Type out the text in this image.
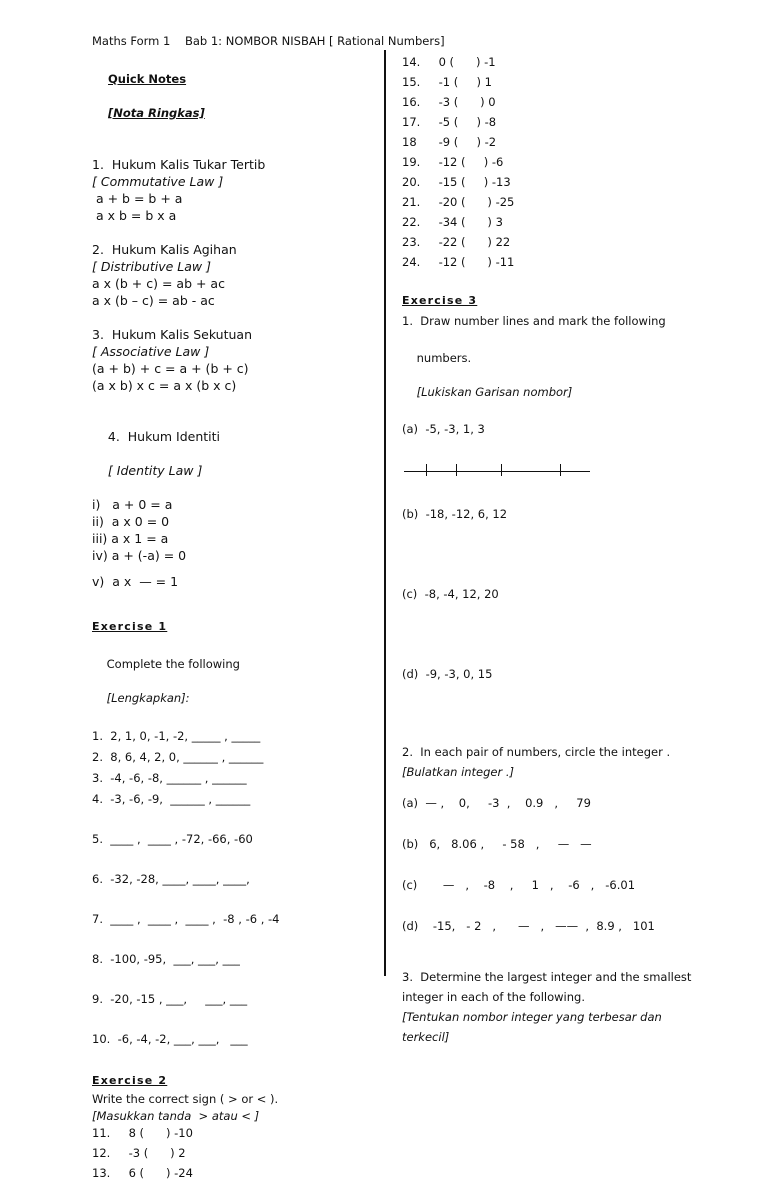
Maths Form 1    Bab 1: NOMBOR NISBAH [ Rational Numbers]

Quick Notes

[Nota Ringkas]

1.  Hukum Kalis Tukar Tertib
[ Commutative Law ]
a + b = b + a
a x b = b x a
2.  Hukum Kalis Agihan
[ Distributive Law ]
a x (b + c) = ab + ac
a x (b – c) = ab - ac
3.  Hukum Kalis Sekutuan
[ Associative Law ]
(a + b) + c = a + (b + c)
(a x b) x c = a x (b x c)

4.  Hukum Identiti

[ Identity Law ]

i)   a + 0 = a
ii)  a x 0 = 0
iii) a x 1 = a
iv) a + (-a) = 0
v)  a x  — = 1
Exercise 1

Complete the following

[Lengkapkan]:

1.  2, 1, 0, -1, -2, _____ , _____
2.  8, 6, 4, 2, 0, ______ , ______
3.  -4, -6, -8, ______ , ______
4.  -3, -6, -9,  ______ , ______
5.  ____ ,  ____ , -72, -66, -60
6.  -32, -28, ____, ____, ____,
7.  ____ ,  ____ ,  ____ ,  -8 , -6 , -4
8.  -100, -95,  ___, ___, ___
9.  -20, -15 , ___,     ___, ___
10.  -6, -4, -2, ___, ___,   ___
Exercise 2
Write the correct sign ( > or < ).
[Masukkan tanda  > atau < ]
11.     8 (      ) -10
12.     -3 (      ) 2
13.     6 (      ) -24
14.     0 (      ) -1
15.     -1 (     ) 1
16.     -3 (      ) 0
17.     -5 (     ) -8
18      -9 (     ) -2
19.     -12 (     ) -6
20.     -15 (     ) -13
21.     -20 (      ) -25
22.     -34 (      ) 3
23.     -22 (      ) 22
24.     -12 (      ) -11
Exercise 3
1.  Draw number lines and mark the following

numbers.

[Lukiskan Garisan nombor]

(a)  -5, -3, 1, 3
(b)  -18, -12, 6, 12
(c)  -8, -4, 12, 20
(d)  -9, -3, 0, 15
2.  In each pair of numbers, circle the integer .
[Bulatkan integer .]
(a)  — ,    0,     -3  ,    0.9   ,     79
(b)   6,   8.06 ,     - 58   ,     —   —
(c)       —   ,    -8    ,     1   ,    -6   ,   -6.01
(d)    -15,   - 2   ,      —   ,   ——  ,  8.9 ,   101
3.  Determine the largest integer and the smallest
integer in each of the following.
[Tentukan nombor integer yang terbesar dan
terkecil]
